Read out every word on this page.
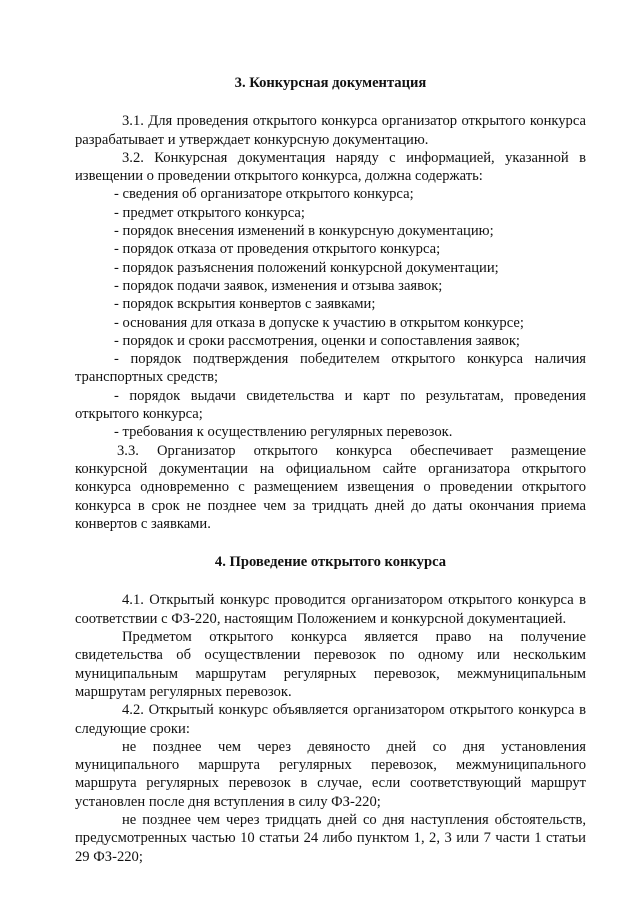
3. Конкурсная документация

3.1. Для проведения открытого конкурса организатор открытого конкурса разрабатывает и утверждает конкурсную документацию.

3.2. Конкурсная документация наряду с информацией, указанной в извещении о проведении открытого конкурса, должна содержать:

- сведения об организаторе открытого конкурса;
- предмет открытого конкурса;
- порядок внесения изменений в конкурсную документацию;
- порядок отказа от проведения открытого конкурса;
- порядок разъяснения положений конкурсной документации;
- порядок подачи заявок, изменения и отзыва заявок;
- порядок вскрытия конвертов с заявками;
- основания для отказа в допуске к участию в открытом конкурсе;
- порядок и сроки рассмотрения, оценки и сопоставления заявок;
- порядок подтверждения победителем открытого конкурса наличия транспортных средств;
- порядок выдачи свидетельства и карт по результатам, проведения открытого конкурса;
- требования к осуществлению регулярных перевозок.

3.3. Организатор открытого конкурса обеспечивает размещение конкурсной документации на официальном сайте организатора открытого конкурса одновременно с размещением извещения о проведении открытого конкурса в срок не позднее чем за тридцать дней до даты окончания приема конвертов с заявками.

4. Проведение открытого конкурса

4.1. Открытый конкурс проводится организатором открытого конкурса в соответствии с ФЗ-220, настоящим Положением и конкурсной документацией.

Предметом открытого конкурса является право на получение свидетельства об осуществлении перевозок по одному или нескольким муниципальным маршрутам регулярных перевозок, межмуниципальным маршрутам регулярных перевозок.

4.2. Открытый конкурс объявляется организатором открытого конкурса в следующие сроки:

не позднее чем через девяносто дней со дня установления муниципального маршрута регулярных перевозок, межмуниципального маршрута регулярных перевозок в случае, если соответствующий маршрут установлен после дня вступления в силу ФЗ-220;

не позднее чем через тридцать дней со дня наступления обстоятельств, предусмотренных частью 10 статьи 24 либо пунктом 1, 2, 3 или 7 части 1 статьи 29 ФЗ-220;
